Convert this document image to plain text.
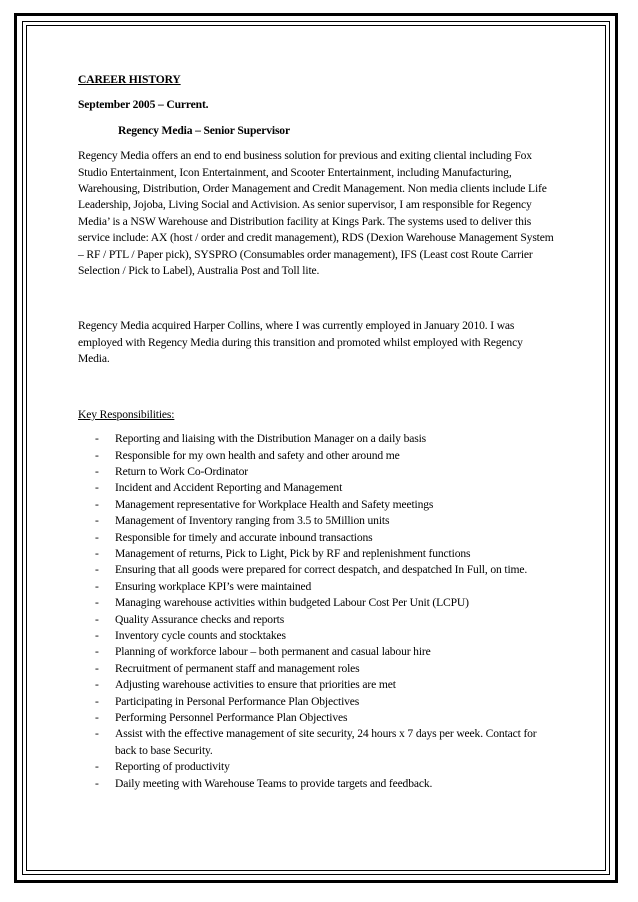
CAREER HISTORY

September 2005 – Current.

Regency Media – Senior Supervisor

Regency Media offers an end to end business solution for previous and exiting cliental including Fox Studio Entertainment, Icon Entertainment, and Scooter Entertainment, including Manufacturing, Warehousing, Distribution, Order Management and Credit Management. Non media clients include Life Leadership, Jojoba, Living Social and Activision. As senior supervisor, I am responsible for Regency Media’ is a NSW Warehouse and Distribution facility at Kings Park. The systems used to deliver this service include: AX (host / order and credit management), RDS (Dexion Warehouse Management System – RF / PTL / Paper pick), SYSPRO (Consumables order management), IFS (Least cost Route Carrier Selection / Pick to Label), Australia Post and Toll lite.

Regency Media acquired Harper Collins, where I was currently employed in January 2010. I was employed with Regency Media during this transition and promoted whilst employed with Regency Media.

Key Responsibilities:

- Reporting and liaising with the Distribution Manager on a daily basis
- Responsible for my own health and safety and other around me
- Return to Work Co-Ordinator
- Incident and Accident Reporting and Management
- Management representative for Workplace Health and Safety meetings
- Management of Inventory ranging from 3.5 to 5Million units
- Responsible for timely and accurate inbound transactions
- Management of returns, Pick to Light, Pick by RF and replenishment functions
- Ensuring that all goods were prepared for correct despatch, and despatched In Full, on time.
- Ensuring workplace KPI’s were maintained
- Managing warehouse activities within budgeted Labour Cost Per Unit (LCPU)
- Quality Assurance checks and reports
- Inventory cycle counts and stocktakes
- Planning of workforce labour – both permanent and casual labour hire
- Recruitment of permanent staff and management roles
- Adjusting warehouse activities to ensure that priorities are met
- Participating in Personal Performance Plan Objectives
- Performing Personnel Performance Plan Objectives
- Assist with the effective management of site security, 24 hours x 7 days per week. Contact for back to base Security.
- Reporting of productivity
- Daily meeting with Warehouse Teams to provide targets and feedback.
